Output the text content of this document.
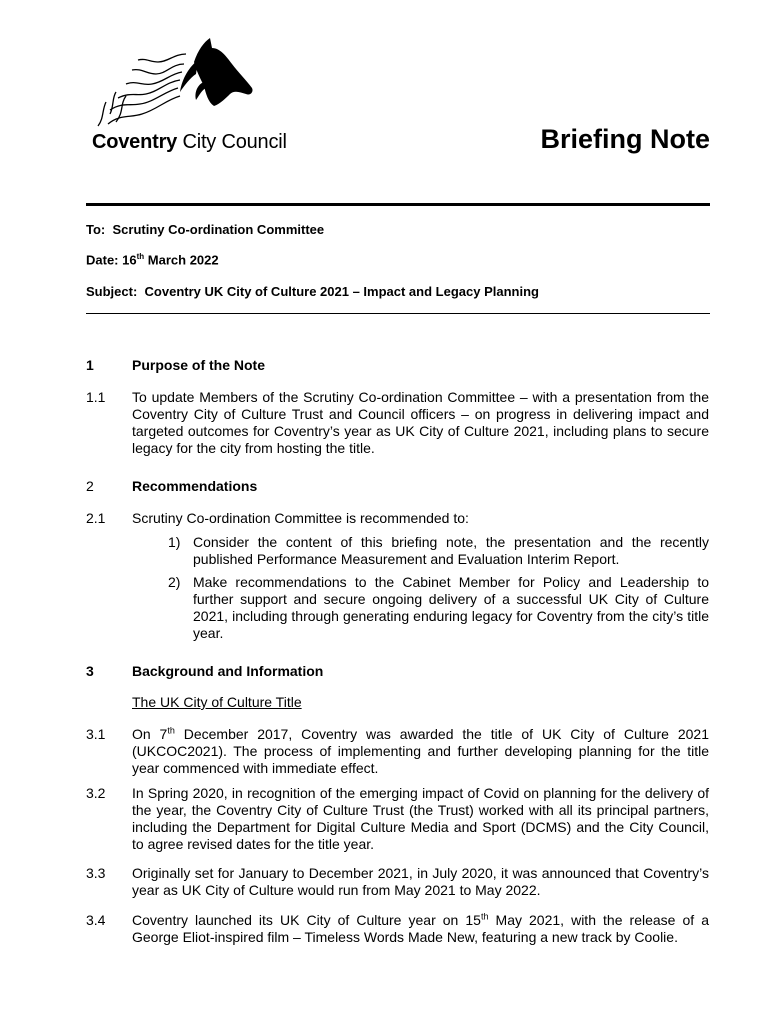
Coventry City Council	Briefing Note
To: Scrutiny Co-ordination Committee
Date: 16th March 2022
Subject: Coventry UK City of Culture 2021 – Impact and Legacy Planning
1	Purpose of the Note
1.1 To update Members of the Scrutiny Co-ordination Committee – with a presentation from the Coventry City of Culture Trust and Council officers – on progress in delivering impact and targeted outcomes for Coventry’s year as UK City of Culture 2021, including plans to secure legacy for the city from hosting the title.
2	Recommendations
2.1 Scrutiny Co-ordination Committee is recommended to:
1) Consider the content of this briefing note, the presentation and the recently published Performance Measurement and Evaluation Interim Report.
2) Make recommendations to the Cabinet Member for Policy and Leadership to further support and secure ongoing delivery of a successful UK City of Culture 2021, including through generating enduring legacy for Coventry from the city’s title year.
3	Background and Information
The UK City of Culture Title
3.1 On 7th December 2017, Coventry was awarded the title of UK City of Culture 2021 (UKCOC2021). The process of implementing and further developing planning for the title year commenced with immediate effect.
3.2 In Spring 2020, in recognition of the emerging impact of Covid on planning for the delivery of the year, the Coventry City of Culture Trust (the Trust) worked with all its principal partners, including the Department for Digital Culture Media and Sport (DCMS) and the City Council, to agree revised dates for the title year.
3.3 Originally set for January to December 2021, in July 2020, it was announced that Coventry’s year as UK City of Culture would run from May 2021 to May 2022.
3.4 Coventry launched its UK City of Culture year on 15th May 2021, with the release of a George Eliot-inspired film – Timeless Words Made New, featuring a new track by Coolie.
